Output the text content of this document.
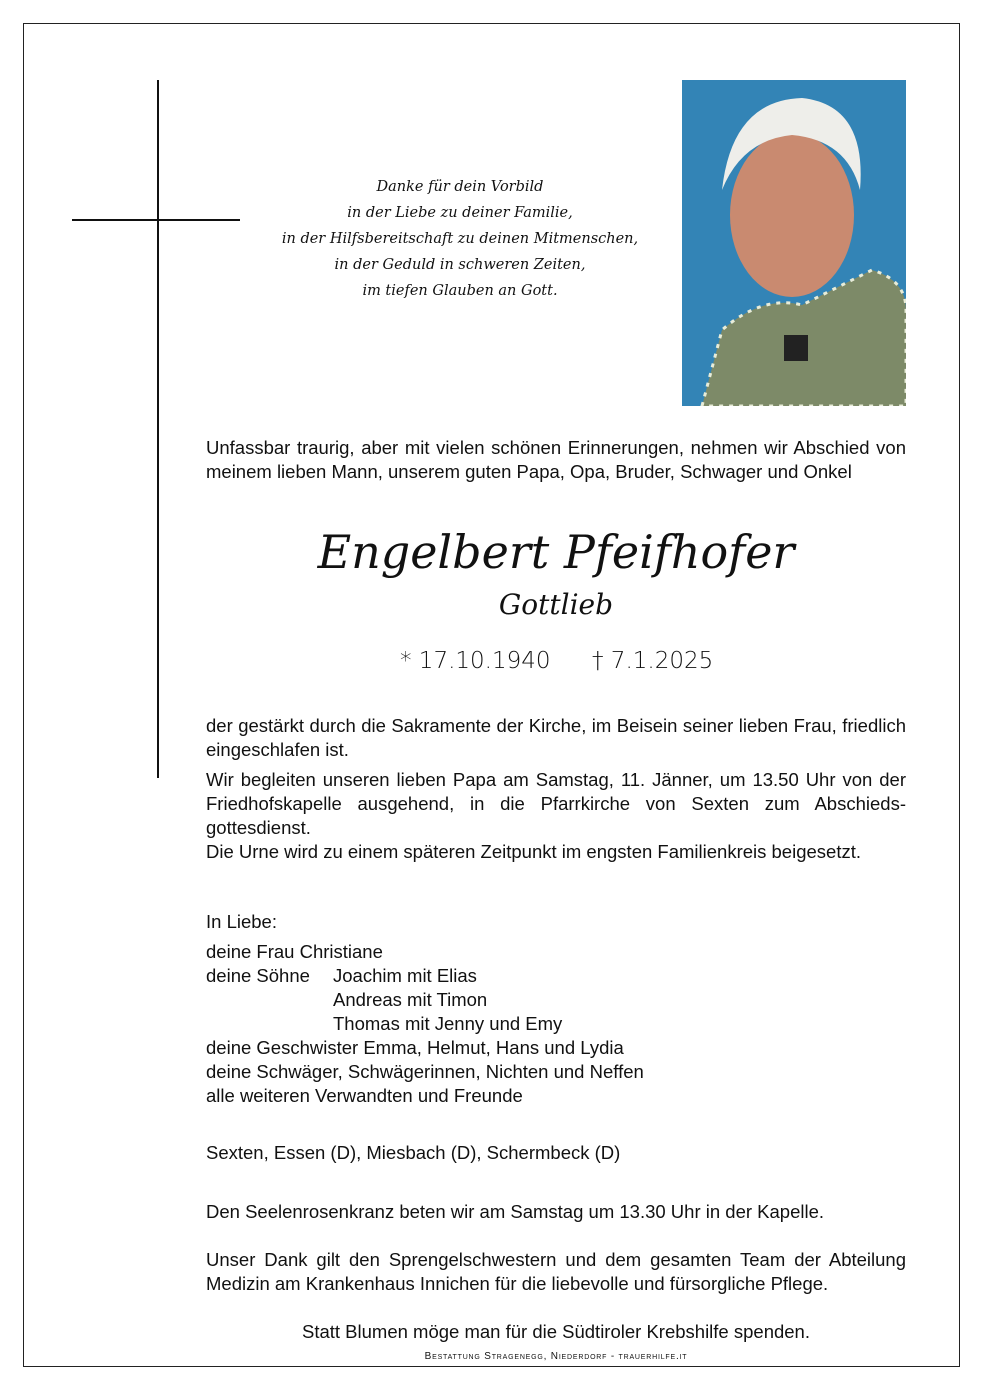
Danke für dein Vorbild
in der Liebe zu deiner Familie,
in der Hilfsbereitschaft zu deinen Mitmenschen,
in der Geduld in schweren Zeiten,
im tiefen Glauben an Gott.
Unfassbar traurig, aber mit vielen schönen Erinnerungen, nehmen wir Abschied von meinem lieben Mann, unserem guten Papa, Opa, Bruder, Schwager und Onkel
Engelbert Pfeifhofer
Gottlieb
* 17.10.1940 † 7.1.2025
der gestärkt durch die Sakramente der Kirche, im Beisein seiner lieben Frau, friedlich eingeschlafen ist.
Wir begleiten unseren lieben Papa am Samstag, 11. Jänner, um 13.50 Uhr von der Friedhofskapelle ausgehend, in die Pfarrkirche von Sexten zum Abschieds-gottesdienst.
Die Urne wird zu einem späteren Zeitpunkt im engsten Familienkreis beigesetzt.
In Liebe:
deine Frau Christiane
deine Söhne	Joachim mit Elias
Andreas mit Timon
Thomas mit Jenny und Emy
deine Geschwister Emma, Helmut, Hans und Lydia
deine Schwäger, Schwägerinnen, Nichten und Neffen
alle weiteren Verwandten und Freunde
Sexten, Essen (D), Miesbach (D), Schermbeck (D)
Den Seelenrosenkranz beten wir am Samstag um 13.30 Uhr in der Kapelle.
Unser Dank gilt den Sprengelschwestern und dem gesamten Team der Abteilung Medizin am Krankenhaus Innichen für die liebevolle und fürsorgliche Pflege.
Statt Blumen möge man für die Südtiroler Krebshilfe spenden.
Bestattung Stragenegg, Niederdorf - trauerhilfe.it
